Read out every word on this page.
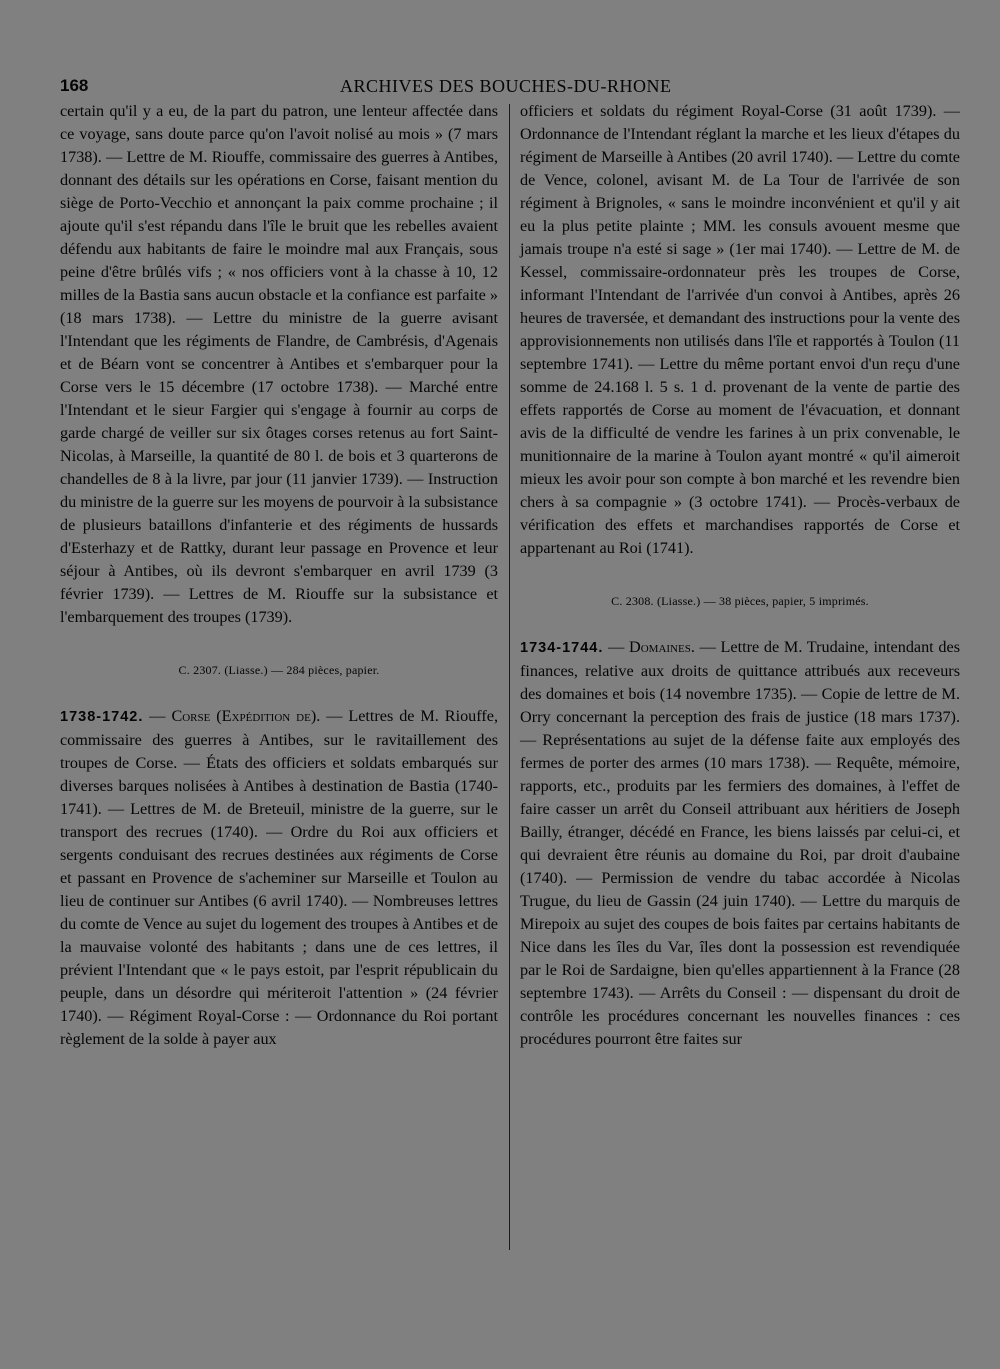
168	ARCHIVES DES BOUCHES-DU-RHONE

certain qu'il y a eu, de la part du patron, une lenteur affectée dans ce voyage, sans doute parce qu'on l'avoit nolisé au mois » (7 mars 1738). — Lettre de M. Riouffe, commissaire des guerres à Antibes, donnant des détails sur les opérations en Corse, faisant mention du siège de Porto-Vecchio et annonçant la paix comme prochaine ; il ajoute qu'il s'est répandu dans l'île le bruit que les rebelles avaient défendu aux habitants de faire le moindre mal aux Français, sous peine d'être brûlés vifs ; « nos officiers vont à la chasse à 10, 12 milles de la Bastia sans aucun obstacle et la confiance est parfaite » (18 mars 1738). — Lettre du ministre de la guerre avisant l'Intendant que les régiments de Flandre, de Cambrésis, d'Agenais et de Béarn vont se concentrer à Antibes et s'embarquer pour la Corse vers le 15 décembre (17 octobre 1738). — Marché entre l'Intendant et le sieur Fargier qui s'engage à fournir au corps de garde chargé de veiller sur six ôtages corses retenus au fort Saint-Nicolas, à Marseille, la quantité de 80 l. de bois et 3 quarterons de chandelles de 8 à la livre, par jour (11 janvier 1739). — Instruction du ministre de la guerre sur les moyens de pourvoir à la subsistance de plusieurs bataillons d'infanterie et des régiments de hussards d'Esterhazy et de Rattky, durant leur passage en Provence et leur séjour à Antibes, où ils devront s'embarquer en avril 1739 (3 février 1739). — Lettres de M. Riouffe sur la subsistance et l'embarquement des troupes (1739).

C. 2307. (Liasse.) — 284 pièces, papier.

1738-1742. — Corse (Expédition de). — Lettres de M. Riouffe, commissaire des guerres à Antibes, sur le ravitaillement des troupes de Corse. — États des officiers et soldats embarqués sur diverses barques nolisées à Antibes à destination de Bastia (1740-1741). — Lettres de M. de Breteuil, ministre de la guerre, sur le transport des recrues (1740). — Ordre du Roi aux officiers et sergents conduisant des recrues destinées aux régiments de Corse et passant en Provence de s'acheminer sur Marseille et Toulon au lieu de continuer sur Antibes (6 avril 1740). — Nombreuses lettres du comte de Vence au sujet du logement des troupes à Antibes et de la mauvaise volonté des habitants ; dans une de ces lettres, il prévient l'Intendant que « le pays estoit, par l'esprit républicain du peuple, dans un désordre qui mériteroit l'attention » (24 février 1740). — Régiment Royal-Corse : — Ordonnance du Roi portant règlement de la solde à payer aux

officiers et soldats du régiment Royal-Corse (31 août 1739). — Ordonnance de l'Intendant réglant la marche et les lieux d'étapes du régiment de Marseille à Antibes (20 avril 1740). — Lettre du comte de Vence, colonel, avisant M. de La Tour de l'arrivée de son régiment à Brignoles, « sans le moindre inconvénient et qu'il y ait eu la plus petite plainte ; MM. les consuls avouent mesme que jamais troupe n'a esté si sage » (1er mai 1740). — Lettre de M. de Kessel, commissaire-ordonnateur près les troupes de Corse, informant l'Intendant de l'arrivée d'un convoi à Antibes, après 26 heures de traversée, et demandant des instructions pour la vente des approvisionnements non utilisés dans l'île et rapportés à Toulon (11 septembre 1741). — Lettre du même portant envoi d'un reçu d'une somme de 24.168 l. 5 s. 1 d. provenant de la vente de partie des effets rapportés de Corse au moment de l'évacuation, et donnant avis de la difficulté de vendre les farines à un prix convenable, le munitionnaire de la marine à Toulon ayant montré « qu'il aimeroit mieux les avoir pour son compte à bon marché et les revendre bien chers à sa compagnie » (3 octobre 1741). — Procès-verbaux de vérification des effets et marchandises rapportés de Corse et appartenant au Roi (1741).

C. 2308. (Liasse.) — 38 pièces, papier, 5 imprimés.

1734-1744. — Domaines. — Lettre de M. Trudaine, intendant des finances, relative aux droits de quittance attribués aux receveurs des domaines et bois (14 novembre 1735). — Copie de lettre de M. Orry concernant la perception des frais de justice (18 mars 1737). — Représentations au sujet de la défense faite aux employés des fermes de porter des armes (10 mars 1738). — Requête, mémoire, rapports, etc., produits par les fermiers des domaines, à l'effet de faire casser un arrêt du Conseil attribuant aux héritiers de Joseph Bailly, étranger, décédé en France, les biens laissés par celui-ci, et qui devraient être réunis au domaine du Roi, par droit d'aubaine (1740). — Permission de vendre du tabac accordée à Nicolas Trugue, du lieu de Gassin (24 juin 1740). — Lettre du marquis de Mirepoix au sujet des coupes de bois faites par certains habitants de Nice dans les îles du Var, îles dont la possession est revendiquée par le Roi de Sardaigne, bien qu'elles appartiennent à la France (28 septembre 1743). — Arrêts du Conseil : — dispensant du droit de contrôle les procédures concernant les nouvelles finances : ces procédures pourront être faites sur
